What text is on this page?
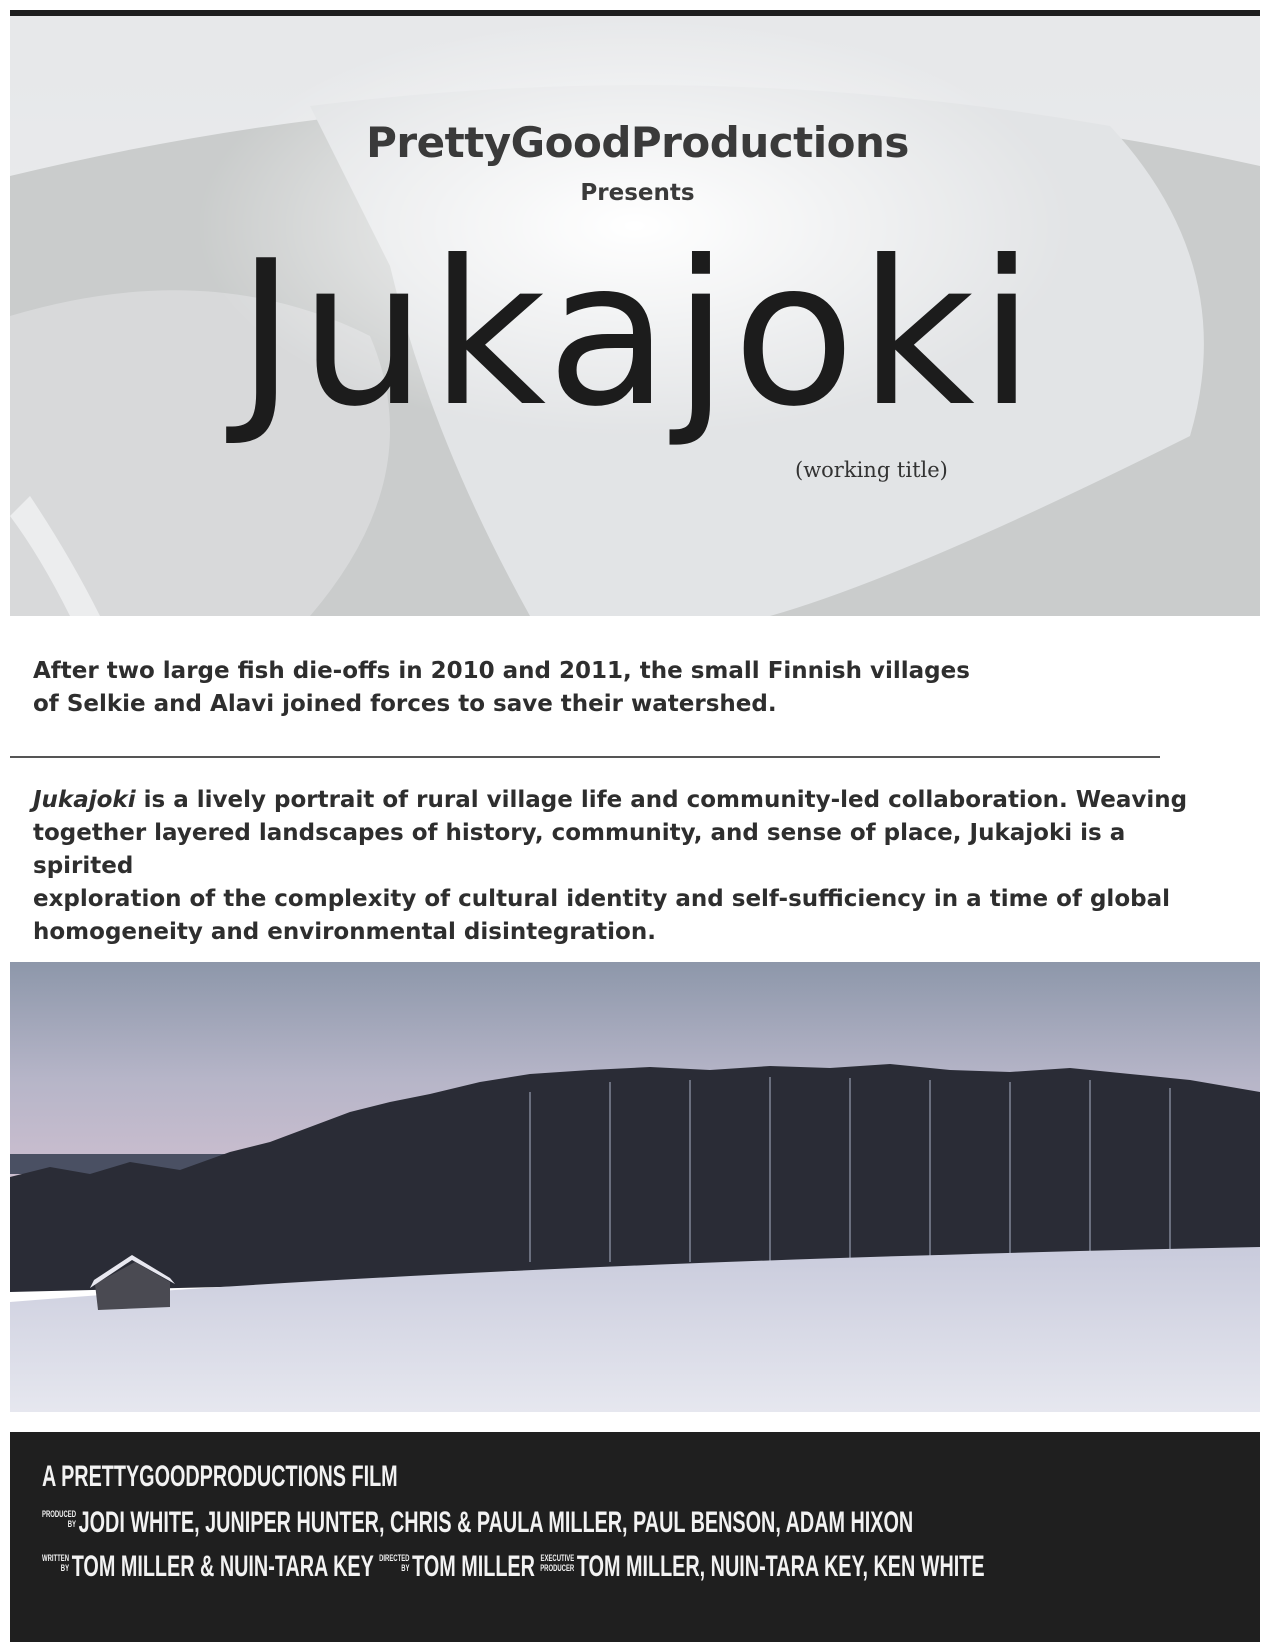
PrettyGoodProductions
Presents
Jukajoki
(working title)
After two large fish die-offs in 2010 and 2011, the small Finnish villages
of Selkie and Alavi joined forces to save their watershed.
Jukajoki is a lively portrait of rural village life and community-led collaboration. Weaving
together layered landscapes of history, community, and sense of place, Jukajoki is a spirited
exploration of the complexity of cultural identity and self-sufficiency in a time of global
homogeneity and environmental disintegration.
A PRETTYGOODPRODUCTIONS FILM
PRODUCED
BYJODI WHITE, JUNIPER HUNTER, CHRIS & PAULA MILLER, PAUL BENSON, ADAM HIXON
WRITTEN
BYTOM MILLER & NUIN-TARA KEY DIRECTED
BYTOM MILLER EXECUTIVE
PRODUCERTOM MILLER, NUIN-TARA KEY, KEN WHITE
